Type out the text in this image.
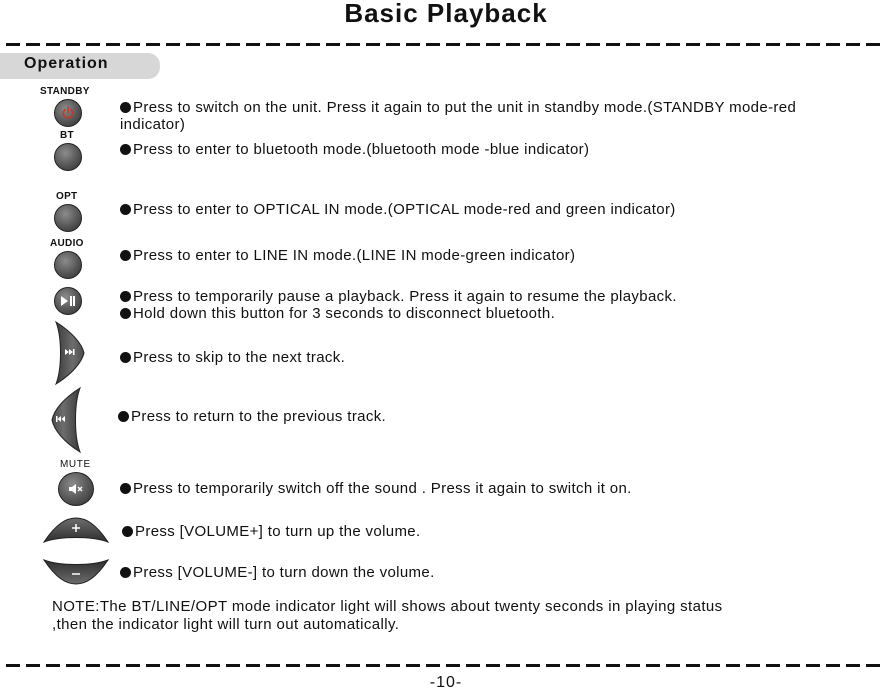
Basic Playback
Operation
STANDBY
Press to switch on the unit. Press it again to put the unit in standby mode.(STANDBY mode-red
indicator)
BT
Press to enter to bluetooth mode.(bluetooth mode -blue indicator)
OPT
Press to enter to OPTICAL IN mode.(OPTICAL mode-red and green indicator)
AUDIO
Press to enter to LINE IN mode.(LINE IN mode-green indicator)
Press to temporarily pause a playback. Press it again to resume the playback.
Hold down this button for 3 seconds to disconnect bluetooth.
Press to skip to the next track.
Press to return to the previous track.
MUTE
Press to temporarily switch off the sound . Press it again to switch it on.
Press [VOLUME+] to turn up the volume.
Press [VOLUME-] to turn down the volume.
NOTE:The BT/LINE/OPT mode indicator light will shows about twenty seconds in playing status
,then the indicator light will turn out automatically.
-10-
